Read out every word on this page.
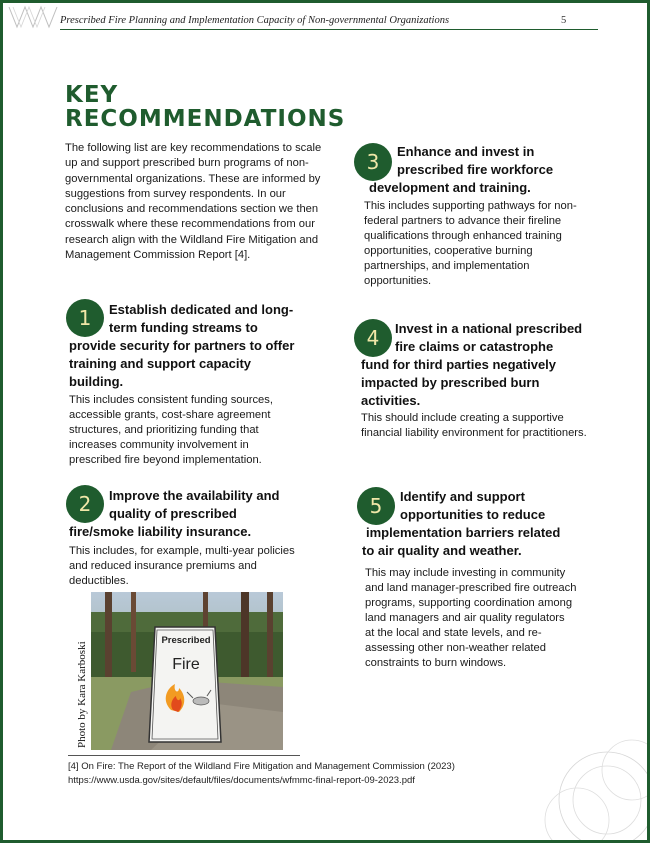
Prescribed Fire Planning and Implementation Capacity of Non-governmental Organizations	5
KEY
RECOMMENDATIONS
The following list are key recommendations to scale up and support prescribed burn programs of non-governmental organizations. These are informed by suggestions from survey respondents. In our conclusions and recommendations section we then crosswalk where these recommendations from our research align with the Wildland Fire Mitigation and Management Commission Report [4].
1	Establish dedicated and long-
term funding streams to
provide security for partners to offer
training and support capacity
building.
This includes consistent funding sources, accessible grants, cost-share agreement structures, and prioritizing funding that increases community involvement in prescribed fire beyond implementation.
2	Improve the availability and
quality of prescribed
fire/smoke liability insurance.
This includes, for example, multi-year policies and reduced insurance premiums and deductibles.
3	Enhance and invest in
prescribed fire workforce
development and training.
This includes supporting pathways for non-federal partners to advance their fireline qualifications through enhanced training opportunities, cooperative burning partnerships, and implementation opportunities.
4	Invest in a national prescribed
fire claims or catastrophe
fund for third parties negatively
impacted by prescribed burn
activities.
This should include creating a supportive financial liability environment for practitioners.
5	Identify and support
opportunities to reduce
implementation barriers related
to air quality and weather.
This may include investing in community and land manager-prescribed fire outreach programs, supporting coordination among land managers and air quality regulators at the local and state levels, and re-assessing other non-weather related constraints to burn windows.
Prescribed
Fire
Photo by Kara Karboski
[4] On Fire: The Report of the Wildland Fire Mitigation and Management Commission (2023) https://www.usda.gov/sites/default/files/documents/wfmmc-final-report-09-2023.pdf
